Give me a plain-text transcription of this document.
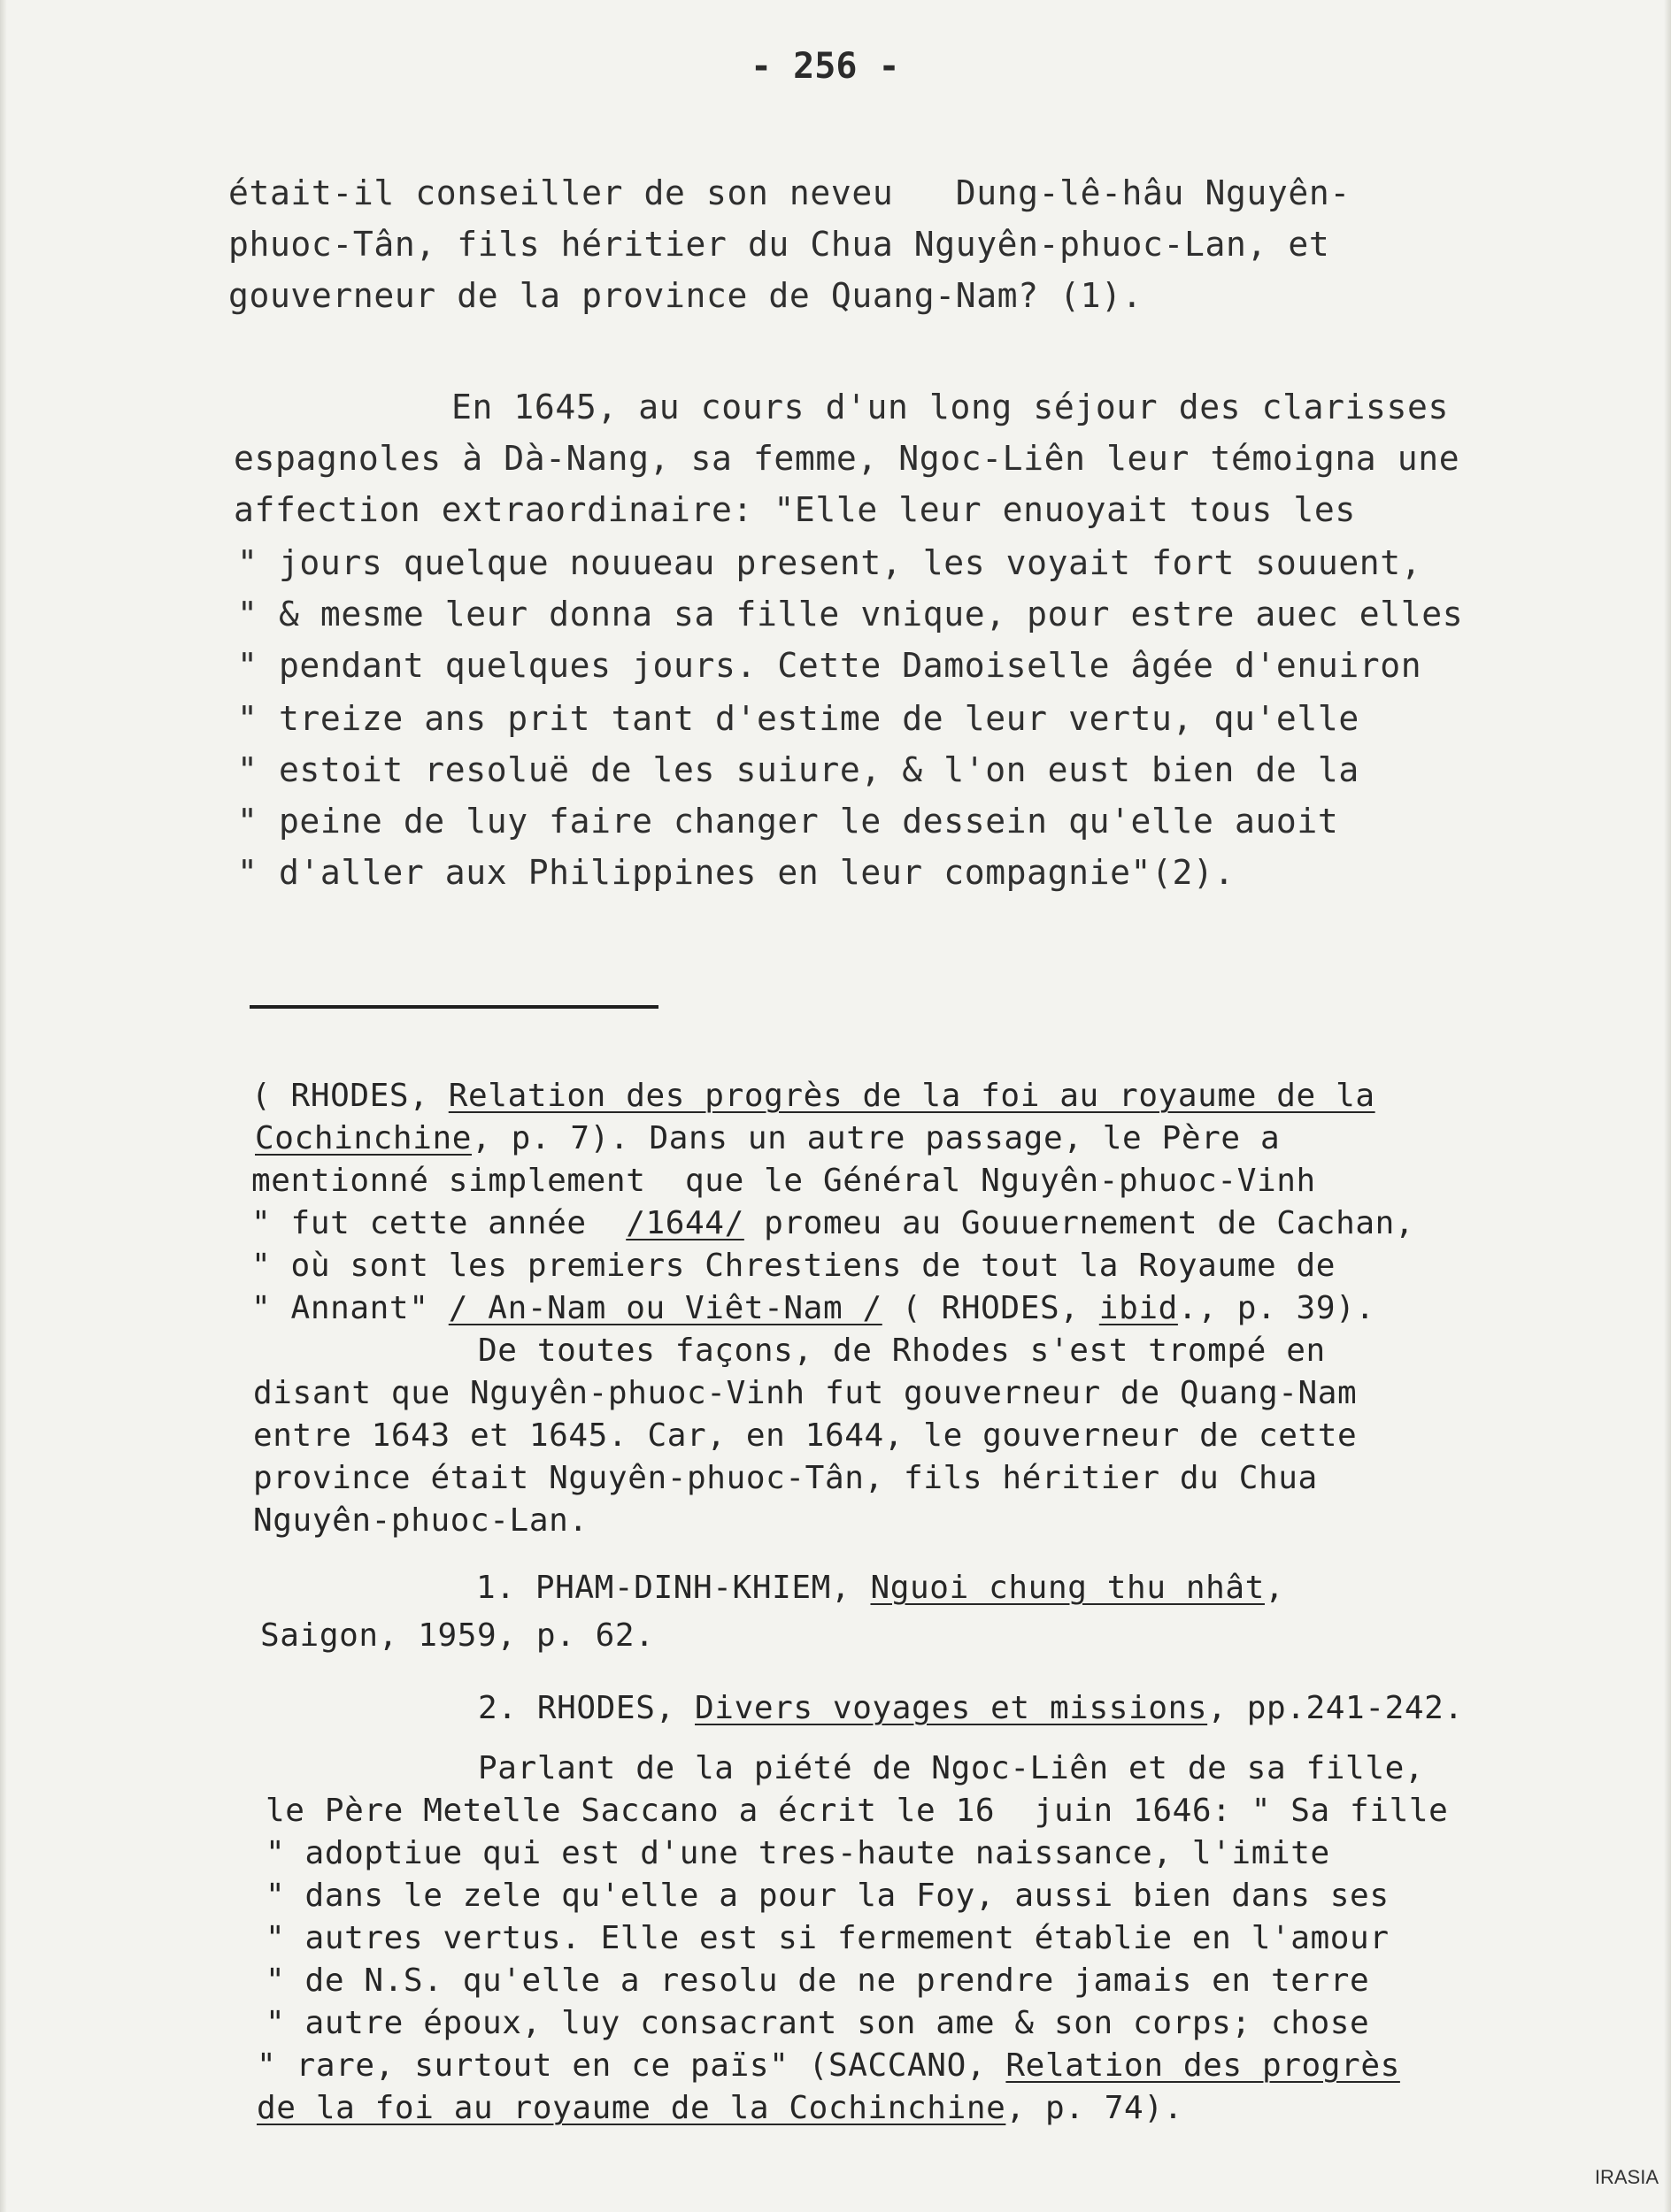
- 256 -
était-il conseiller de son neveu   Dung-lê-hâu Nguyên-
phuoc-Tân, fils héritier du Chua Nguyên-phuoc-Lan, et
gouverneur de la province de Quang-Nam? (1).
En 1645, au cours d'un long séjour des clarisses
espagnoles à Dà-Nang, sa femme, Ngoc-Liên leur témoigna une
affection extraordinaire: "Elle leur enuoyait tous les
" jours quelque nouueau present, les voyait fort souuent,
" & mesme leur donna sa fille vnique, pour estre auec elles
" pendant quelques jours. Cette Damoiselle âgée d'enuiron
" treize ans prit tant d'estime de leur vertu, qu'elle
" estoit resoluë de les suiure, & l'on eust bien de la
" peine de luy faire changer le dessein qu'elle auoit
" d'aller aux Philippines en leur compagnie"(2).
( RHODES, Relation des progrès de la foi au royaume de la
Cochinchine, p. 7). Dans un autre passage, le Père a
mentionné simplement  que le Général Nguyên-phuoc-Vinh
" fut cette année  /1644/ promeu au Gouuernement de Cachan,
" où sont les premiers Chrestiens de tout la Royaume de
" Annant" / An-Nam ou Viêt-Nam / ( RHODES, ibid., p. 39).
De toutes façons, de Rhodes s'est trompé en
disant que Nguyên-phuoc-Vinh fut gouverneur de Quang-Nam
entre 1643 et 1645. Car, en 1644, le gouverneur de cette
province était Nguyên-phuoc-Tân, fils héritier du Chua
Nguyên-phuoc-Lan.
1. PHAM-DINH-KHIEM, Nguoi chung thu nhât,
Saigon, 1959, p. 62.
2. RHODES, Divers voyages et missions, pp.241-242.
Parlant de la piété de Ngoc-Liên et de sa fille,
le Père Metelle Saccano a écrit le 16  juin 1646: " Sa fille
" adoptiue qui est d'une tres-haute naissance, l'imite
" dans le zele qu'elle a pour la Foy, aussi bien dans ses
" autres vertus. Elle est si fermement établie en l'amour
" de N.S. qu'elle a resolu de ne prendre jamais en terre
" autre époux, luy consacrant son ame & son corps; chose
" rare, surtout en ce païs" (SACCANO, Relation des progrès
de la foi au royaume de la Cochinchine, p. 74).
IRASIA
